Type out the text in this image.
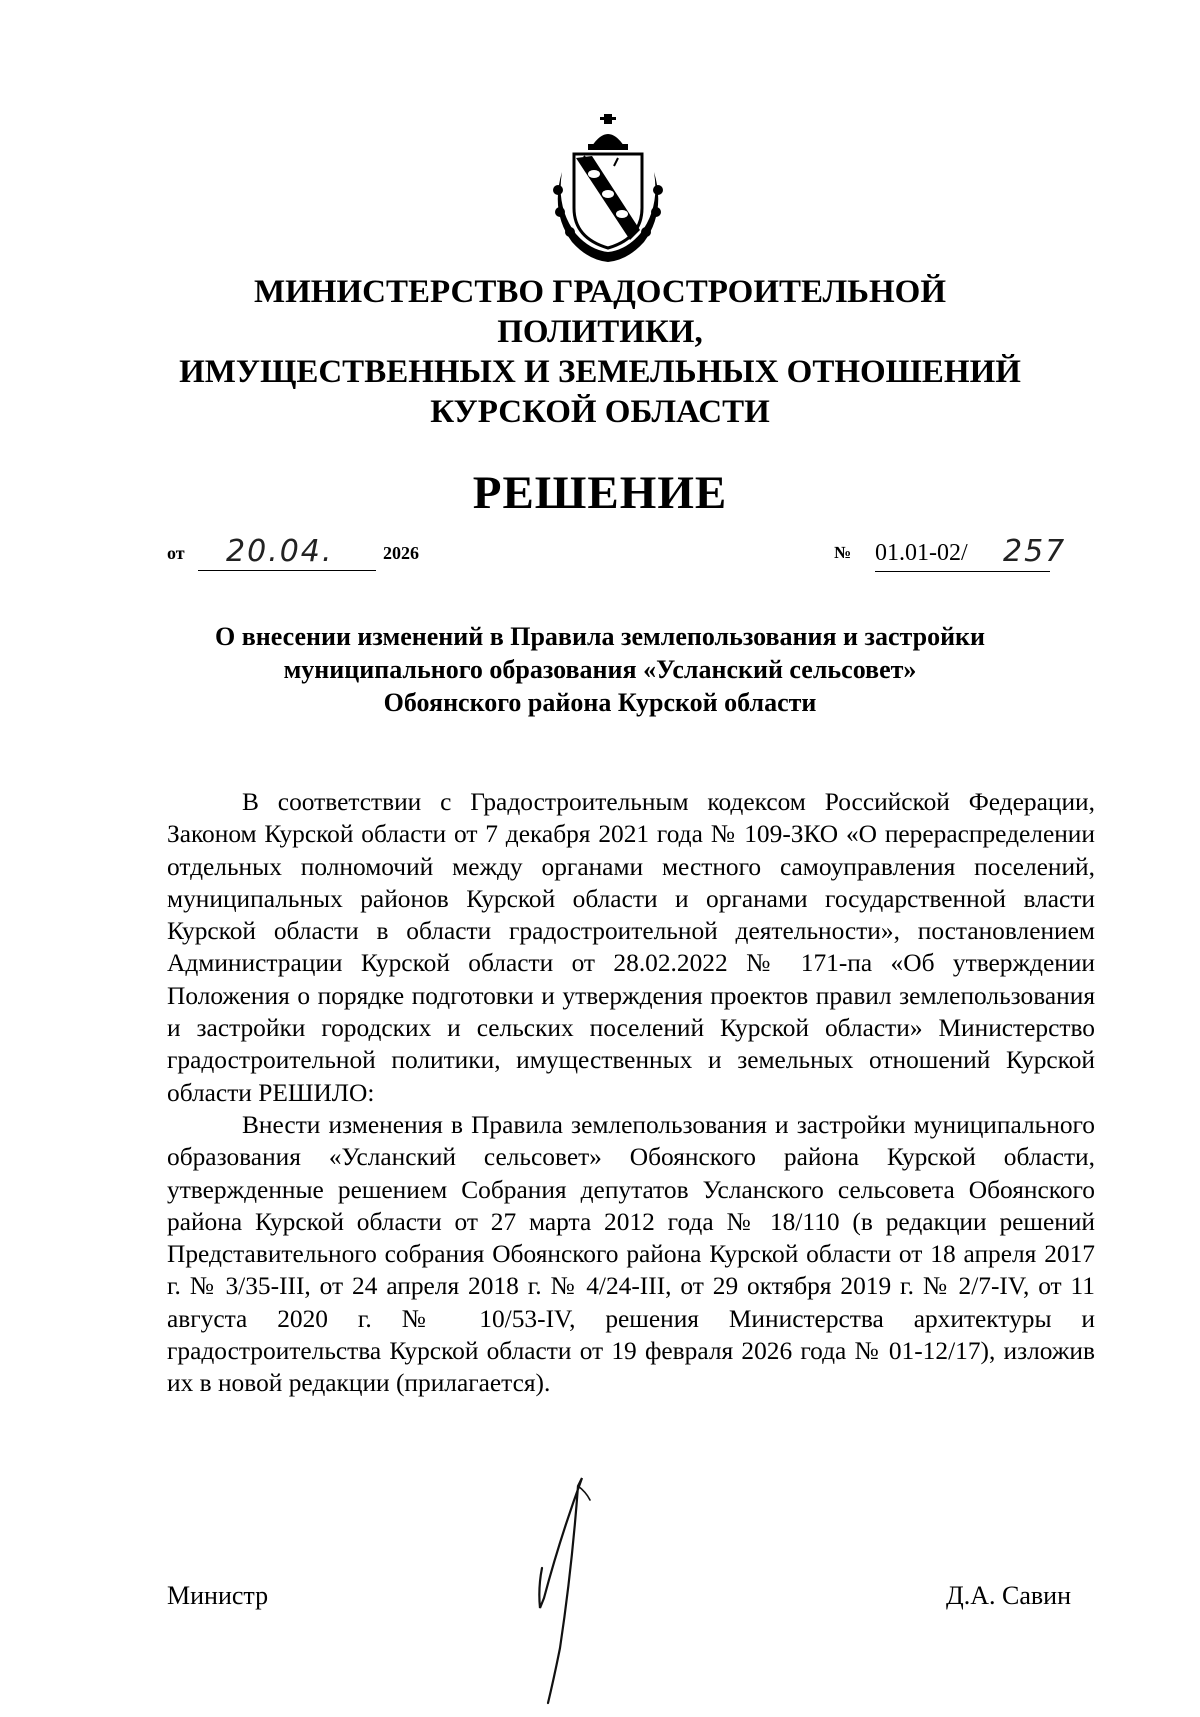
МИНИСТЕРСТВО ГРАДОСТРОИТЕЛЬНОЙ ПОЛИТИКИ,
ИМУЩЕСТВЕННЫХ И ЗЕМЕЛЬНЫХ ОТНОШЕНИЙ
КУРСКОЙ ОБЛАСТИ
РЕШЕНИЕ
от 20.04.	2026	№ 01.01-02/ 257
О внесении изменений в Правила землепользования и застройки
муниципального образования «Усланский сельсовет»
Обоянского района Курской области

В соответствии с Градостроительным кодексом Российской Федерации, Законом Курской области от 7 декабря 2021 года № 109-ЗКО «О перераспределении отдельных полномочий между органами местного самоуправления поселений, муниципальных районов Курской области и органами государственной власти Курской области в области градостроительной деятельности», постановлением Администрации Курской области от 28.02.2022 № 171-па «Об утверждении Положения о порядке подготовки и утверждения проектов правил землепользования и застройки городских и сельских поселений Курской области» Министерство градостроительной политики, имущественных и земельных отношений Курской области РЕШИЛО:

Внести изменения в Правила землепользования и застройки муниципального образования «Усланский сельсовет» Обоянского района Курской области, утвержденные решением Собрания депутатов Усланского сельсовета Обоянского района Курской области от 27 марта 2012 года № 18/110 (в редакции решений Представительного собрания Обоянского района Курской области от 18 апреля 2017 г. № 3/35-III, от 24 апреля 2018 г. № 4/24-III, от 29 октября 2019 г. № 2/7-IV, от 11 августа 2020 г. № 10/53-IV, решения Министерства архитектуры и градостроительства Курской области от 19 февраля 2026 года № 01-12/17), изложив их в новой редакции (прилагается).

Министр	Д.А. Савин
